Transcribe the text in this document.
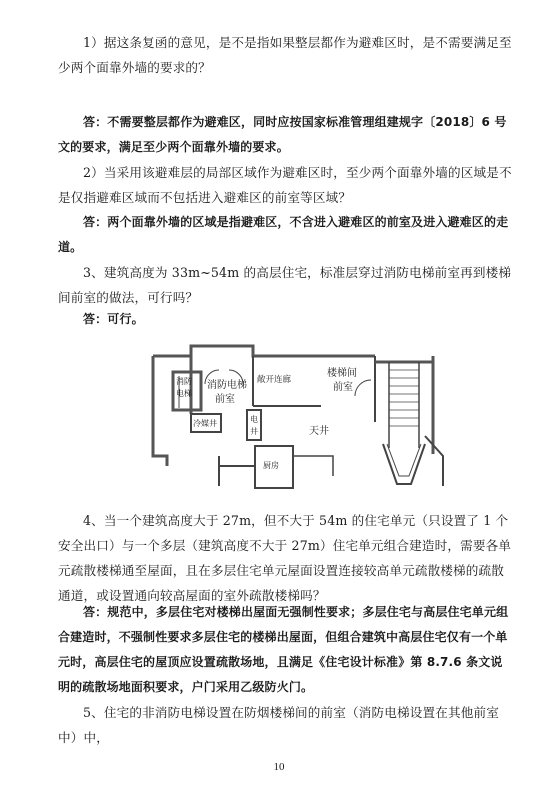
1）据这条复函的意见，是不是指如果整层都作为避难区时，是不需要满足至少两个面靠外墙的要求的？

答：不需要整层都作为避难区，同时应按国家标准管理组建规字〔2018〕6 号文的要求，满足至少两个面靠外墙的要求。

2）当采用该避难层的局部区域作为避难区时，至少两个面靠外墙的区域是不是仅指避难区域而不包括进入避难区的前室等区域？

答：两个面靠外墙的区域是指避难区，不含进入避难区的前室及进入避难区的走道。

3、建筑高度为 33m~54m 的高层住宅，标准层穿过消防电梯前室再到楼梯间前室的做法，可行吗？

答：可行。

消防
电梯
消防电梯
前室
敞开连廊
楼梯间
前室
天井
电
井
冷媒井
厨房

4、当一个建筑高度大于 27m，但不大于 54m 的住宅单元（只设置了 1 个安全出口）与一个多层（建筑高度不大于 27m）住宅单元组合建造时，需要各单元疏散楼梯通至屋面，且在多层住宅单元屋面设置连接较高单元疏散楼梯的疏散通道，或设置通向较高屋面的室外疏散楼梯吗？

答：规范中，多层住宅对楼梯出屋面无强制性要求；多层住宅与高层住宅单元组合建造时，不强制性要求多层住宅的楼梯出屋面，但组合建筑中高层住宅仅有一个单元时，高层住宅的屋顶应设置疏散场地，且满足《住宅设计标准》第 8.7.6 条文说明的疏散场地面积要求，户门采用乙级防火门。

5、住宅的非消防电梯设置在防烟楼梯间的前室（消防电梯设置在其他前室中）中，

10
